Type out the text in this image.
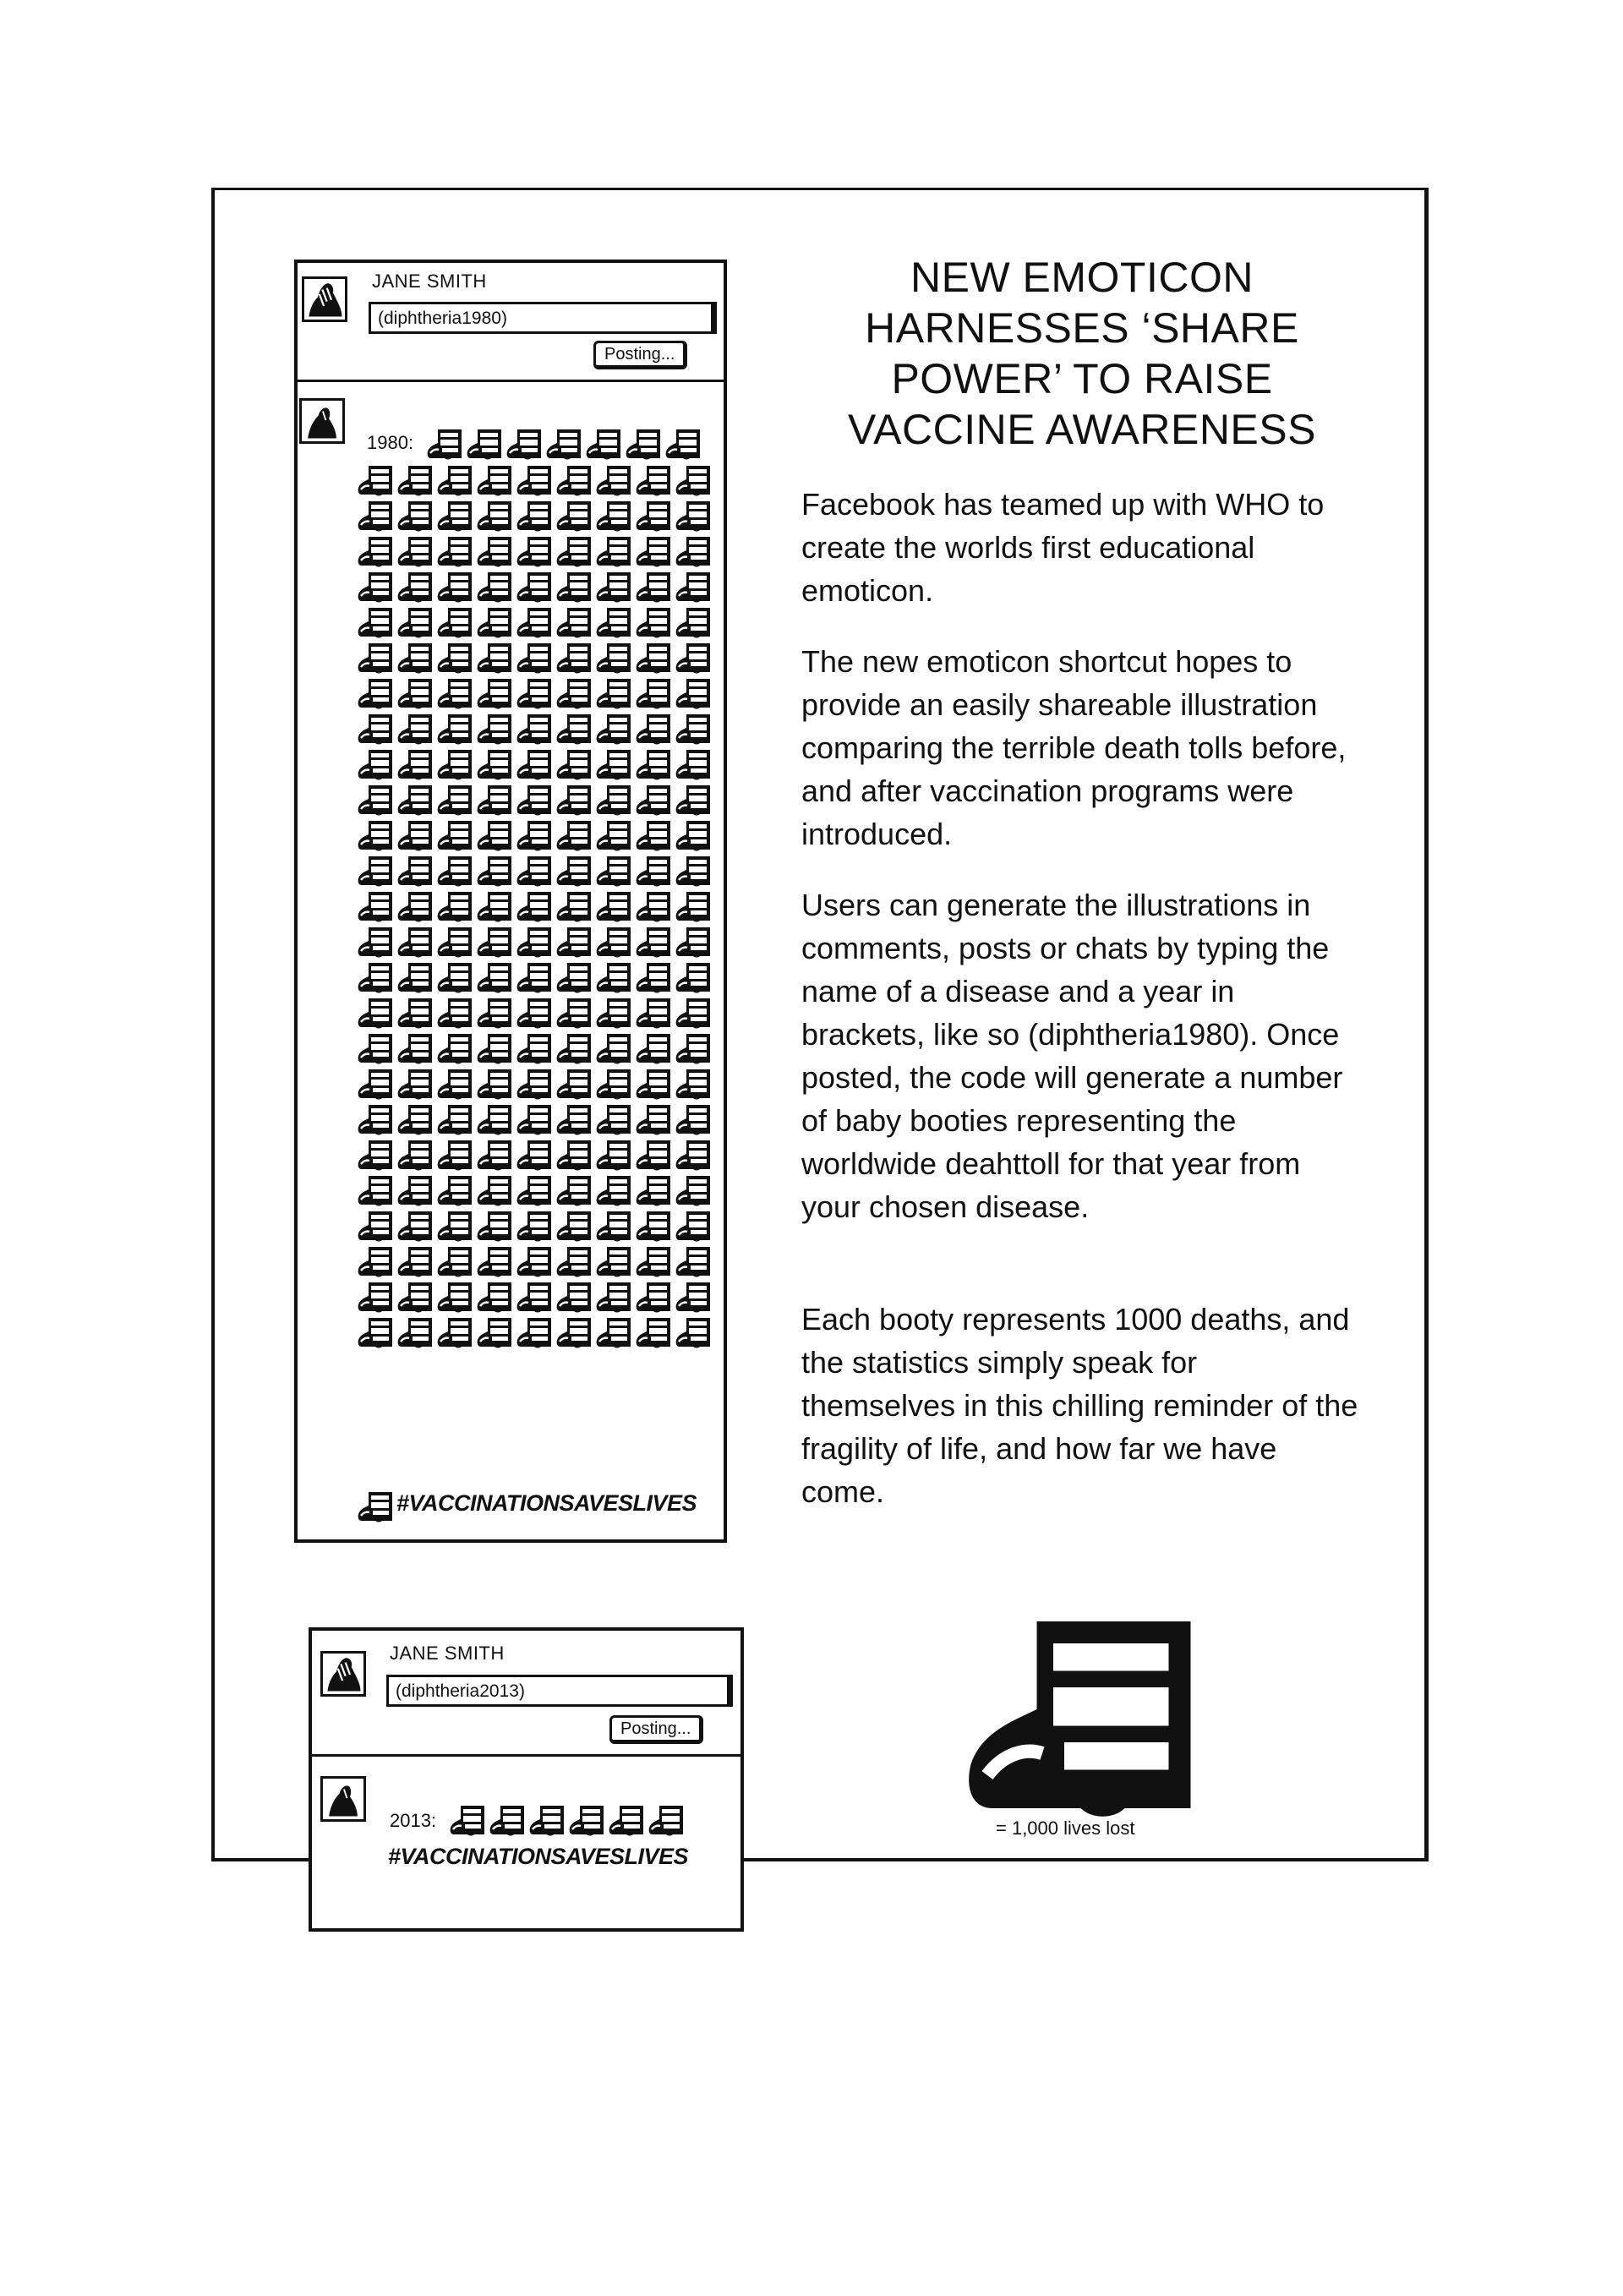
JANE SMITH
(diphtheria1980)
Posting...
1980:
#VACCINATIONSAVESLIVES
JANE SMITH
(diphtheria2013)
Posting...
2013:
#VACCINATIONSAVESLIVES
NEW EMOTICON
HARNESSES ‘SHARE
POWER’ TO RAISE
VACCINE AWARENESS

Facebook has teamed up with WHO to create the worlds first educational emoticon.

The new emoticon shortcut hopes to provide an easily shareable illustration comparing the terrible death tolls before, and after vaccination programs were introduced.

Users can generate the illustrations in comments, posts or chats by typing the name of a disease and a year in brackets, like so (diphtheria1980). Once posted, the code will generate a number of baby booties representing the worldwide deahttoll for that year from your chosen disease.

Each booty represents 1000 deaths, and the statistics simply speak for themselves in this chilling reminder of the fragility of life, and how far we have come.

= 1,000 lives lost
